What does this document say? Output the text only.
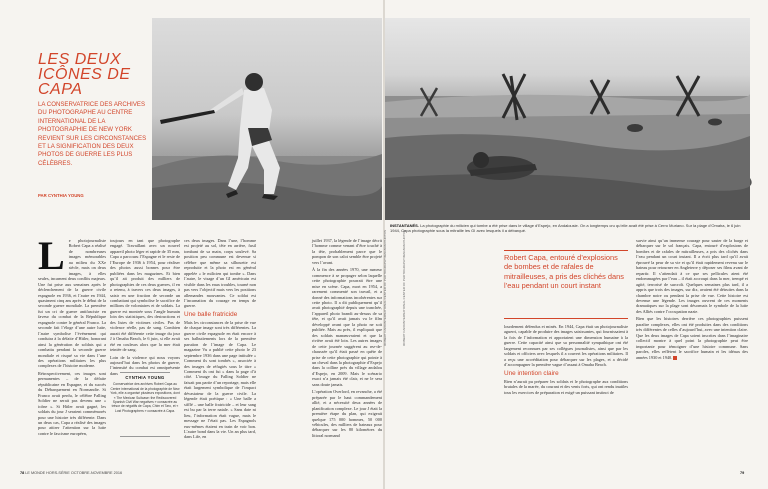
ROBERT CAPA/INTERNATIONAL CENTER OF PHOTOGRAPHY/MAGNUM PHOTOS	ROBERT CAPA/INTERNATIONAL CENTER OF PHOTOGRAPHY/MAGNUM PHOTOS
LES DEUX ICÔNES DE CAPA

LA CONSERVATRICE DES ARCHIVES DU PHOTOGRAPHE AU CENTRE INTERNATIONAL DE LA PHOTOGRAPHIE DE NEW YORK REVIENT SUR LES CIRCONSTANCES ET LA SIGNIFICATION DES DEUX PHOTOS DE GUERRE LES PLUS CÉLÈBRES.

PAR CYNTHIA YOUNG
INSTANTANÉS. La photographie du milicien qui tombe a été prise dans le village d’Espejo, en Andalousie. On a longtemps cru qu’elle avait été prise à Cerro Muriano. Sur la plage d’Omaha, le 6 juin 1944, Capa photographie sous la mitraille les GI avec lesquels il a débarqué.
L e photojournaliste Robert Capa a réalisé de nombreuses images mémorables au milieu du XXe siècle, mais on deux images, à elles seules, incarnent deux conflits majeurs. Une fut prise aux semaines après le déclenchement de la guerre civile espagnole en 1936, et l’autre en 1944, quasiment cinq ans après le début de la seconde guerre mondiale. La première fut un cri de guerre antifasciste en faveur du combat de la République espagnole contre le général Franco. La seconde fait l’éloge d’une autre lutte, l’autre symbolise l’événement qui conduira à la défaite d’Hitler, honorant ainsi la génération de soldats qui a combattu pendant la seconde guerre mondiale et risqué sa vie dans l’une des opérations militaires les plus complexes de l’histoire moderne.

Rétrospectivement, ces images sont permanentes – de la défaite républicaine en Espagne, et du succès du Débarquement en Normandie. Si Franco avait perdu, le célèbre Falling Soldier ne serait pas devenu une « icône ». Si Hitler avait gagné, les soldats du jour J seraient commémorés pour une histoire très différente. Dans un deux cas, Capa a réalisé des images pour attirer l’attention sur la lutte contre le fascisme européen,

toujours en tant que photographe engagé. Travaillant avec un nouvel appareil photo léger et rapide de 35 mm, Capa a parcouru l’Espagne et le reste de l’Europe de 1936 à 1954, pour réaliser des photos aussi bonnes pour être publiées dans les magazines. Et bien qu’il ait produit des milliers de photographies de ces deux guerres, il en a retenu, à travers ces deux images, à saisir en une fraction de seconde un combattant qui symbolise le sacrifice de millions de volontaires et de soldats. La guerre est montrée sous l’angle humain loin des statistiques, des destructions et des listes de victimes civiles. Pas de violence réelle, pas de sang. Combien aurait été différente cette image du jour J à Omaha Beach, le 6 juin, si elle avait été en couleurs alors que la mer était teintée de sang.

Loin de la violence qui nous voyons aujourd’hui dans les photos de guerre, l’intensité du combat est omniprésente dans

CYNTHIA YOUNG
Conservatrice des archives Robert Capa au Centre international de la photographie de New York, elle a organisé plusieurs expositions, dont « The Mexican Suitcase: the Rediscovered Spanish Civil War negatives » consacrée au trésor de négatifs de Capa, Chim et Taro, et « Lost Photographers » consacrée à Capa.

ces deux images. Dans l’une, l’homme est projeté au sol, tête en arrière, fusil tombant de sa main, corps soulevé. Sa position peu commune est devenue si célèbre que même sa silhouette est reproduite et la photo est en général appelée « le milicien qui tombe ». Dans l’autre, le visage d’un GI américain est visible dans les eaux troubles, tourné non pas vers l’objectif mais vers les positions allemandes mouvantes. Ce soldat est l’incarnation du courage en temps de guerre.

Une balle fratricide

Mais les circonstances de la prise de vue de chaque image sont très différentes. La guerre civile espagnole en était encore à ses balbutiements lors de la première parution de l’image de Capa. Le magazine Vu a publié cette photo le 23 septembre 1936 dans une page intitulée « Comment ils sont tombés », associée à des images de réfugiés sous le titre « Comment ils ont fui » dans la page d’à côté. L’image du Falling Soldier ne faisait pas partie d’un reportage, mais elle était largement symbolique de l’impact dévastateur de la guerre civile. La légende était poétique : « Une balle a sifflé – une balle fratricide – et leur sang est bu par la terre natale. » Sans date ni lieu, l’information était vague, mais le message ne l’était pas. Les Espagnols eux-mêmes étaient en train de voir bon. L’autre bond dans la vie. Un an plus tard, dans Life, en

juillet 1937, la légende de l’image décrit l’homme comme venant d’être touché à la tête, probablement parce que le pompon de son calot semble être projeté vers l’avant.

À la fin des années 1970, une rumeur commence à se propager selon laquelle cette photographie pourrait être une mise en scène. Capa, mort en 1954, a rarement commenté son travail, et a donné des informations incohérentes sur cette photo. Il a dit publiquement qu’il avait photographié depuis une tranchée, l’appareil photo brandi au-dessus de sa tête, et qu’il avait jamais vu le film développé avant que la photo ne soit publiée. Mais au près, il expliquait que des soldats manœuvraient et que la rivière avait été loin. Les autres images de cette journée suggèrent au rez-de-chaussée qu’il était passé en quête de prise de cette photographie qui pointe à un cheval dans la photographie d’Espejo dans la colline près du village andalou d’Espejo, en 2009. Mais le scénario exact n’a jamais été clair, et ne le sera sans doute jamais.

L’opération Overlord, en revanche, a été préparée par le haut commandement allié, et a nécessité deux années de planification complexe. Le jour J était la première étape du plan, qui exigeait quelque 175 000 hommes, 50 000 véhicules, des milliers de bateaux pour débarquer sur les 80 kilomètres du littoral normand

Robert Capa, entouré d’explosions de bombes et de rafales de mitrailleuses, a pris des clichés dans l’eau pendant un court instant

lourdement défendus et minés. En 1944, Capa était un photojournaliste aguerri, capable de produire des images saisissantes, qui fournissaient à la fois de l’information et apportaient une dimension humaine à la guerre. Cette capacité ainsi que sa personnalité sympathique ont été largement reconnues par ses collègues journalistes, ainsi que par les soldats et officiers avec lesquels il a couvert les opérations militaires. Il a reçu une accréditation pour débarquer sur les plages, et a décidé d’accompagner la première vague d’assaut à Omaha Beach.

Une intention claire

Rien n’aurait pu préparer les soldats et le photographe aux conditions brutales de la marée, du courant et des vents forts, qui ont rendu inutiles tous les exercices de préparation et exigé un puissant instinct de

survie ainsi qu’un immense courage pour sauter de la barge et débarquer sur le sol français. Capa, entouré d’explosions de bombes et de rafales de mitrailleuses, a pris des clichés dans l’eau pendant un court instant. Il a écrit plus tard qu’il avait éprouvé la peur de sa vie et qu’il était rapidement revenu sur le bateau pour retourner en Angleterre y déposer ses films avant de repartir. Il s’attendait à ce que ses pellicules aient été endommagées par l’eau – il était accroupi dans la mer, trempé et agité, terrorisé de surcroît. Quelques semaines plus tard, il a appris que trois des images, sur dix, avaient été détruites dans la chambre noire ou pendant la prise de vue. Cette histoire est devenue une légende. Les images ouvrent de ces moments dramatiques sur la plage sont désormais le symbole de la lutte des Alliés contre l’occupation nazie.

Bien que les histoires derrière ces photographies puissent paraître complexes, elles ont été produites dans des conditions très différentes de celles d’aujourd’hui, avec une intention claire. Que les deux images de Capa soient inscrites dans l’imaginaire collectif montre à quel point la photographie peut être importante pour témoigner d’une histoire commune. Sans paroles, elles reflètent le sacrifice humain et les idéaux des années 1930 et 1940.

78 LE MONDE HORS-SÉRIE OCTOBRE-NOVEMBRE 2016	79
